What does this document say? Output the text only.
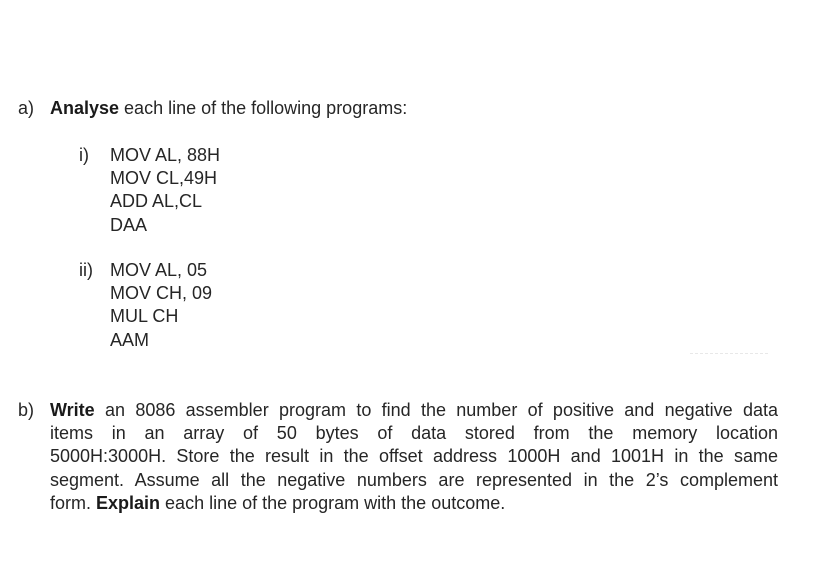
a) Analyse each line of the following programs:
i) MOV AL, 88H
MOV CL,49H
ADD AL,CL
DAA
ii) MOV AL, 05
MOV CH, 09
MUL CH
AAM
b) Write an 8086 assembler program to find the number of positive and negative data
items in an array of 50 bytes of data stored from the memory location
5000H:3000H. Store the result in the offset address 1000H and 1001H in the same
segment. Assume all the negative numbers are represented in the 2’s complement
form. Explain each line of the program with the outcome.
